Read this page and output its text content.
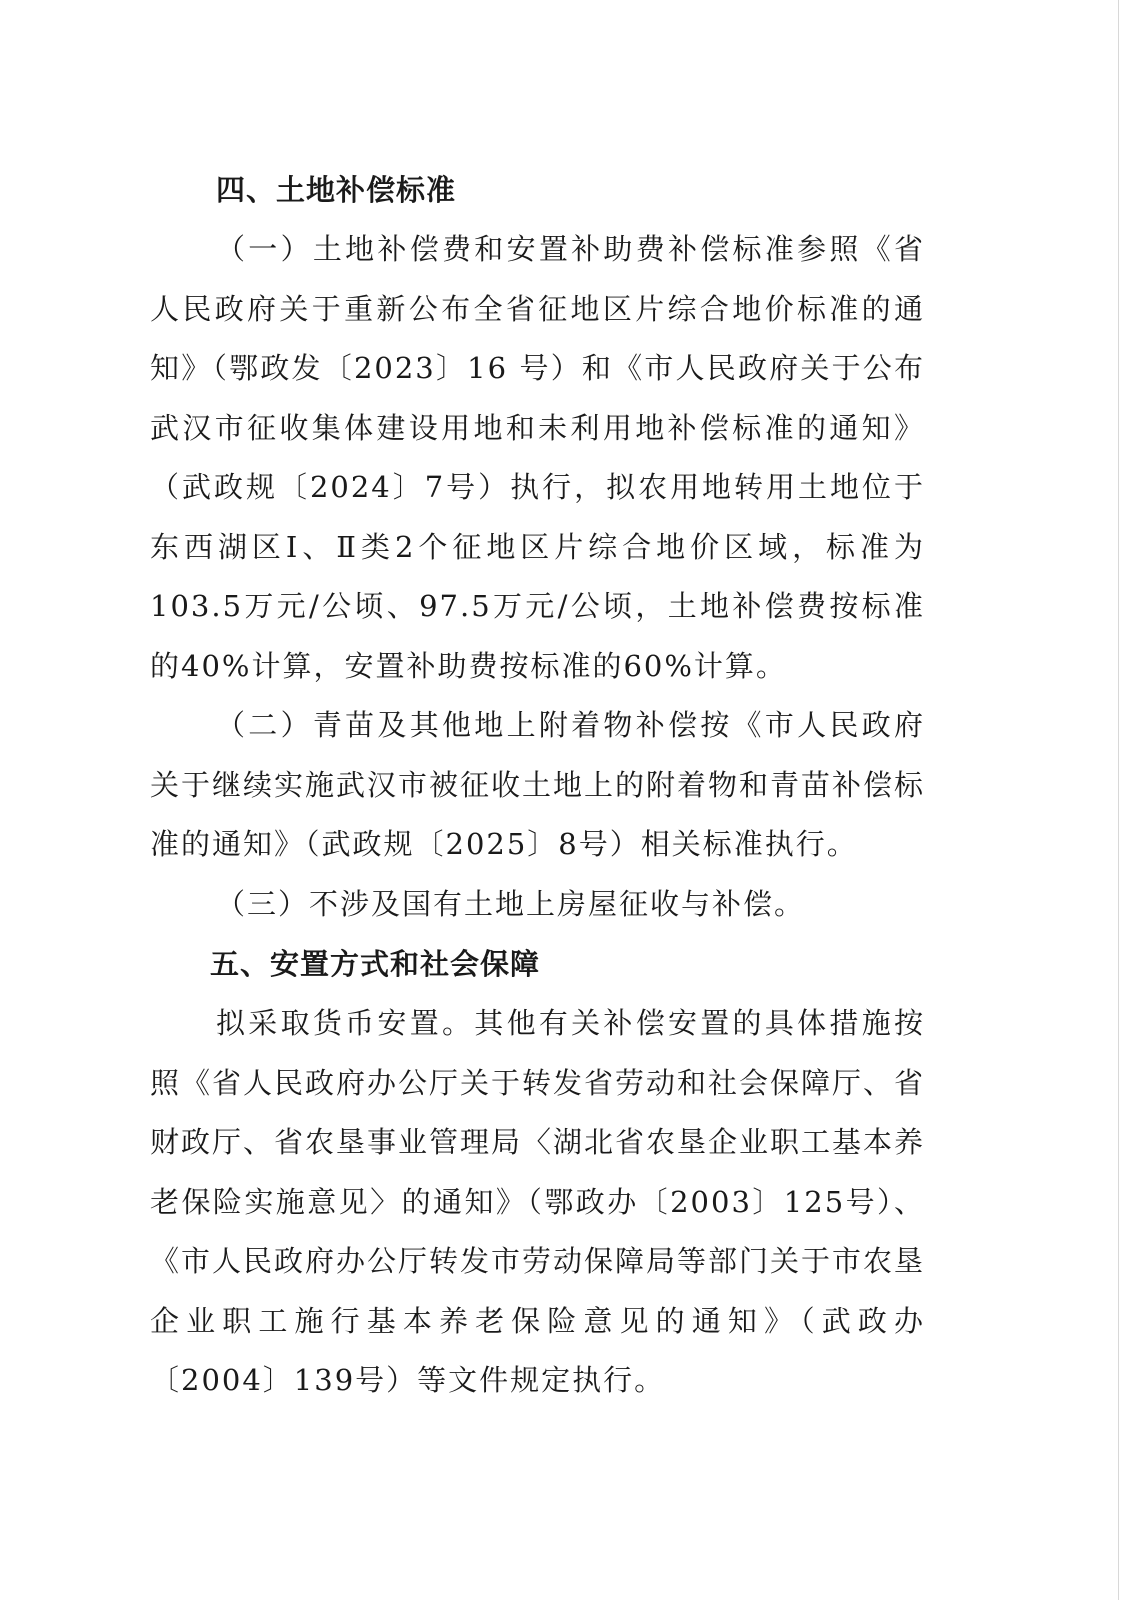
四、土地补偿标准

（一）土地补偿费和安置补助费补偿标准参照《省人民政府关于重新公布全省征地区片综合地价标准的通知》（鄂政发〔2023〕16 号）和《市人民政府关于公布武汉市征收集体建设用地和未利用地补偿标准的通知》（武政规〔2024〕7号）执行，拟农用地转用土地位于东西湖区Ⅰ、Ⅱ类2个征地区片综合地价区域，标准为103.5万元/公顷、97.5万元/公顷，土地补偿费按标准的40%计算，安置补助费按标准的60%计算。

（二）青苗及其他地上附着物补偿按《市人民政府关于继续实施武汉市被征收土地上的附着物和青苗补偿标准的通知》（武政规〔2025〕8号）相关标准执行。

（三）不涉及国有土地上房屋征收与补偿。

五、安置方式和社会保障

拟采取货币安置。其他有关补偿安置的具体措施按照《省人民政府办公厅关于转发省劳动和社会保障厅、省财政厅、省农垦事业管理局〈湖北省农垦企业职工基本养老保险实施意见〉的通知》（鄂政办〔2003〕125号）、《市人民政府办公厅转发市劳动保障局等部门关于市农垦企业职工施行基本养老保险意见的通知》（武政办〔2004〕139号）等文件规定执行。
